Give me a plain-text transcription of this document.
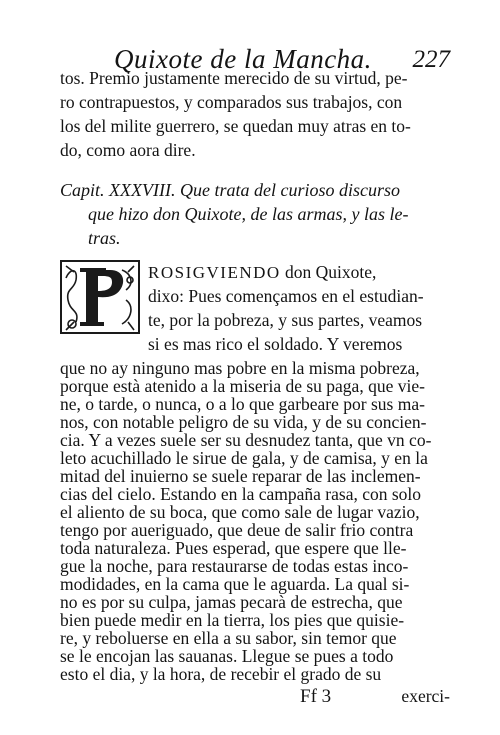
Quixote de la Mancha. 227
tos. Premio justamente merecido de su virtud, pe-
ro contrapuestos, y comparados sus trabajos, con
los del milite guerrero, se quedan muy atras en to-
do, como aora dire.
Capit. XXXVIII. Que trata del curioso discurso
que hizo don Quixote, de las armas, y las le-
tras.
ROSIGVIENDO don Quixote,
dixo: Pues començamos en el estudian-
te, por la pobreza, y sus partes, veamos
si es mas rico el soldado. Y veremos
que no ay ninguno mas pobre en la misma pobreza,
porque està atenido a la miseria de su paga, que vie-
ne, o tarde, o nunca, o a lo que garbeare por sus ma-
nos, con notable peligro de su vida, y de su concien-
cia. Y a vezes suele ser su desnudez tanta, que vn co-
leto acuchillado le sirue de gala, y de camisa, y en la
mitad del inuierno se suele reparar de las inclemen-
cias del cielo. Estando en la campaña rasa, con solo
el aliento de su boca, que como sale de lugar vazio,
tengo por aueriguado, que deue de salir frio contra
toda naturaleza. Pues esperad, que espere que lle-
gue la noche, para restaurarse de todas estas inco-
modidades, en la cama que le aguarda. La qual si-
no es por su culpa, jamas pecarà de estrecha, que
bien puede medir en la tierra, los pies que quisie-
re, y reboluerse en ella a su sabor, sin temor que
se le encojan las sauanas. Llegue se pues a todo
esto el dia, y la hora, de recebir el grado de su
Ff 3	exerci-
